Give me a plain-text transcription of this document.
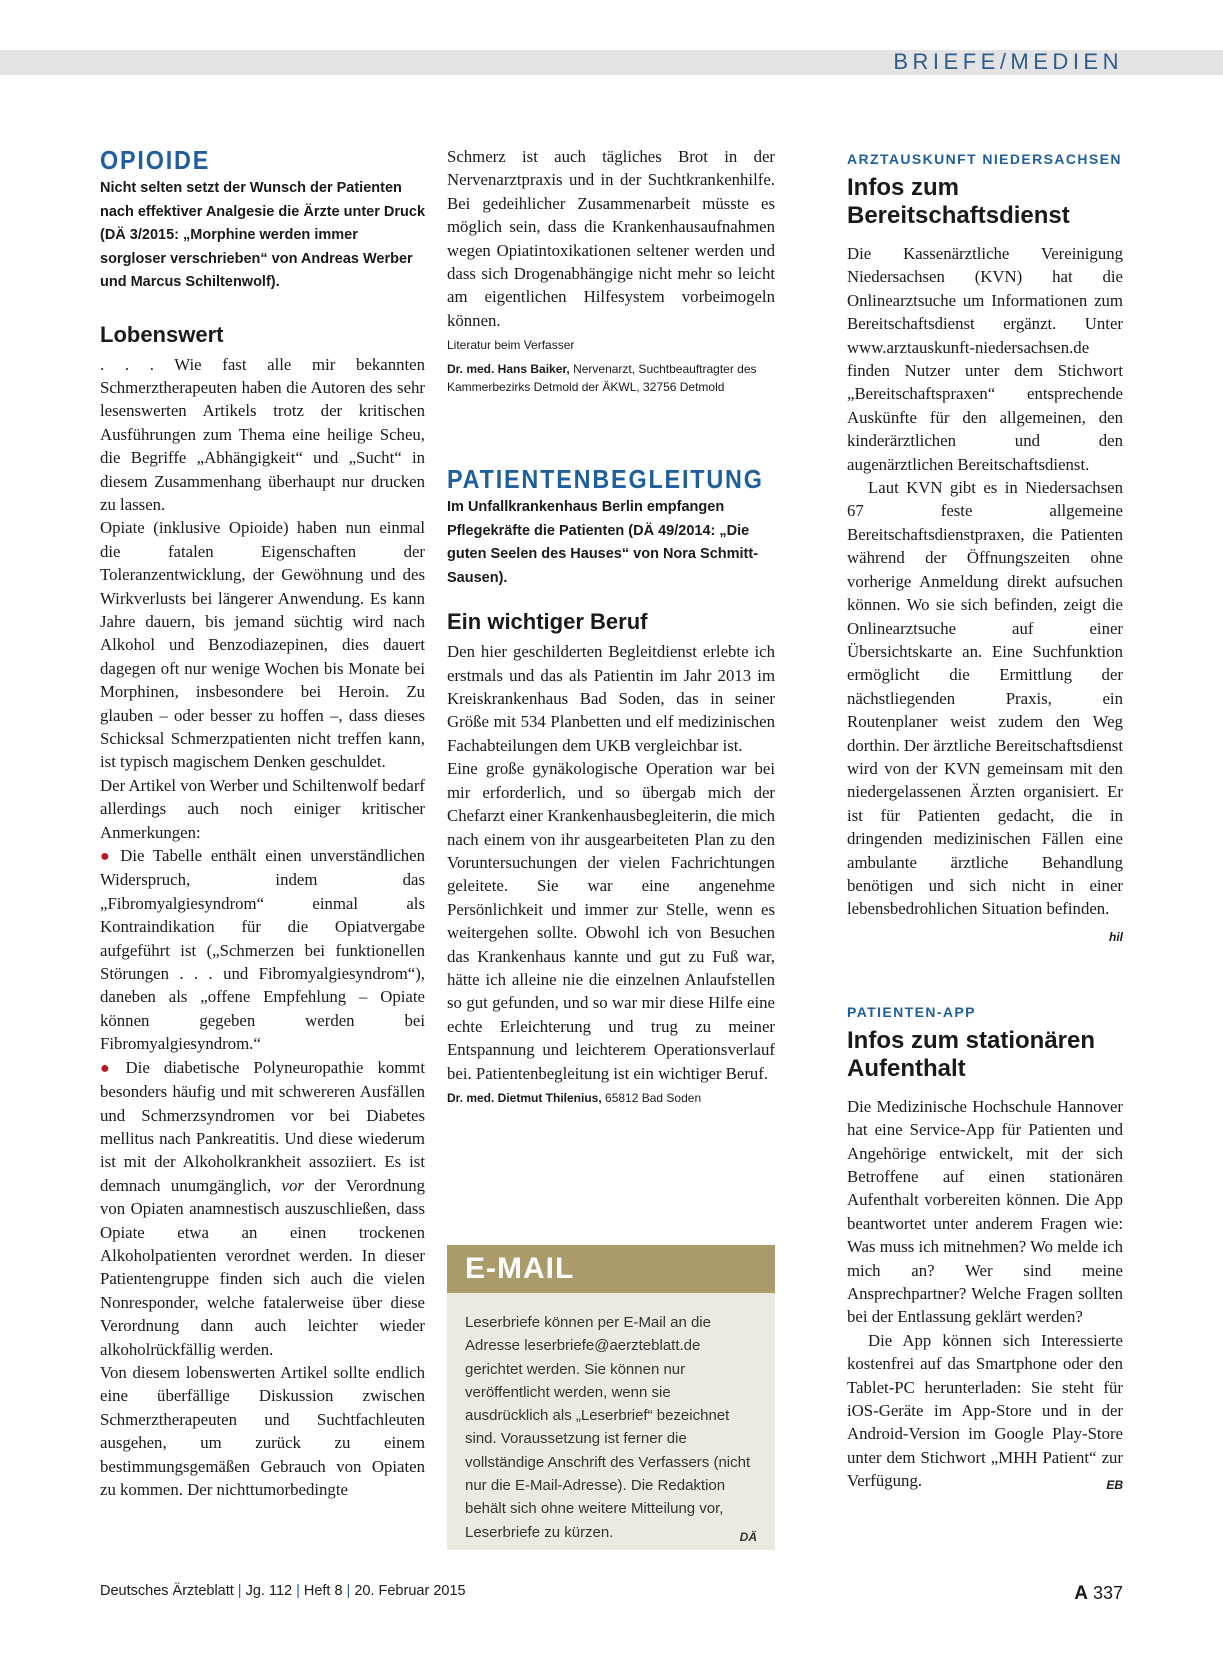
BRIEFE/MEDIEN
OPIOIDE
Nicht selten setzt der Wunsch der Patienten nach effektiver Analgesie die Ärzte unter Druck (DÄ 3/2015: „Morphine werden immer sorgloser verschrieben“ von Andreas Werber und Marcus Schiltenwolf).
Lobenswert

. . . Wie fast alle mir bekannten Schmerztherapeuten haben die Autoren des sehr lesenswerten Artikels trotz der kritischen Ausführungen zum Thema eine heilige Scheu, die Begriffe „Abhängigkeit“ und „Sucht“ in diesem Zusammenhang überhaupt nur drucken zu lassen.

Opiate (inklusive Opioide) haben nun einmal die fatalen Eigenschaften der Toleranzentwicklung, der Gewöhnung und des Wirkverlusts bei längerer Anwendung. Es kann Jahre dauern, bis jemand süchtig wird nach Alkohol und Benzodiazepinen, dies dauert dagegen oft nur wenige Wochen bis Monate bei Morphinen, insbesondere bei Heroin. Zu glauben – oder besser zu hoffen –, dass dieses Schicksal Schmerzpatienten nicht treffen kann, ist typisch magischem Denken geschuldet.

Der Artikel von Werber und Schiltenwolf bedarf allerdings auch noch einiger kritischer Anmerkungen:

● Die Tabelle enthält einen unverständlichen Widerspruch, indem das „Fibromyalgiesyndrom“ einmal als Kontraindikation für die Opiatvergabe aufgeführt ist („Schmerzen bei funktionellen Störungen . . . und Fibromyalgiesyndrom“), daneben als „offene Empfehlung – Opiate können gegeben werden bei Fibromyalgiesyndrom.“

● Die diabetische Polyneuropathie kommt besonders häufig und mit schwereren Ausfällen und Schmerzsyndromen vor bei Diabetes mellitus nach Pankreatitis. Und diese wiederum ist mit der Alkoholkrankheit assoziiert. Es ist demnach unumgänglich, vor der Verordnung von Opiaten anamnestisch auszuschließen, dass Opiate etwa an einen trockenen Alkoholpatienten verordnet werden. In dieser Patientengruppe finden sich auch die vielen Nonresponder, welche fatalerweise über diese Verordnung dann auch leichter wieder alkoholrückfällig werden.

Von diesem lobenswerten Artikel sollte endlich eine überfällige Diskussion zwischen Schmerztherapeuten und Suchtfachleuten ausgehen, um zurück zu einem bestimmungsgemäßen Gebrauch von Opiaten zu kommen. Der nichttumorbedingte

Schmerz ist auch tägliches Brot in der Nervenarztpraxis und in der Suchtkrankenhilfe. Bei gedeihlicher Zusammenarbeit müsste es möglich sein, dass die Krankenhausaufnahmen wegen Opiatintoxikationen seltener werden und dass sich Drogenabhängige nicht mehr so leicht am eigentlichen Hilfesystem vorbeimogeln können.

Literatur beim Verfasser
Dr. med. Hans Baiker, Nervenarzt, Suchtbeauftragter des Kammerbezirks Detmold der ÄKWL, 32756 Detmold
PATIENTENBEGLEITUNG
Im Unfallkrankenhaus Berlin empfangen Pflegekräfte die Patienten (DÄ 49/2014: „Die guten Seelen des Hauses“ von Nora Schmitt-Sausen).
Ein wichtiger Beruf

Den hier geschilderten Begleitdienst erlebte ich erstmals und das als Patientin im Jahr 2013 im Kreiskrankenhaus Bad Soden, das in seiner Größe mit 534 Planbetten und elf medizinischen Fachabteilungen dem UKB vergleichbar ist.

Eine große gynäkologische Operation war bei mir erforderlich, und so übergab mich der Chefarzt einer Krankenhausbegleiterin, die mich nach einem von ihr ausgearbeiteten Plan zu den Voruntersuchungen der vielen Fachrichtungen geleitete. Sie war eine angenehme Persönlichkeit und immer zur Stelle, wenn es weitergehen sollte. Obwohl ich von Besuchen das Krankenhaus kannte und gut zu Fuß war, hätte ich alleine nie die einzelnen Anlaufstellen so gut gefunden, und so war mir diese Hilfe eine echte Erleichterung und trug zu meiner Entspannung und leichterem Operationsverlauf bei. Patientenbegleitung ist ein wichtiger Beruf.

Dr. med. Dietmut Thilenius, 65812 Bad Soden
E-MAIL
Leserbriefe können per E-Mail an die Adresse leserbriefe@aerzteblatt.de gerichtet werden. Sie können nur veröffentlicht werden, wenn sie ausdrücklich als „Leserbrief“ bezeichnet sind. Voraussetzung ist ferner die vollständige Anschrift des Verfassers (nicht nur die E-Mail-Adresse). Die Redaktion behält sich ohne weitere Mitteilung vor, Leserbriefe zu kürzen.	DÄ
ARZTAUSKUNFT NIEDERSACHSEN
Infos zum Bereitschaftsdienst

Die Kassenärztliche Vereinigung Niedersachsen (KVN) hat die Onlinearztsuche um Informationen zum Bereitschaftsdienst ergänzt. Unter www.arztauskunft-niedersachsen.de finden Nutzer unter dem Stichwort „Bereitschaftspraxen“ entsprechende Auskünfte für den allgemeinen, den kinderärztlichen und den augenärztlichen Bereitschaftsdienst.

Laut KVN gibt es in Niedersachsen 67 feste allgemeine Bereitschaftsdienstpraxen, die Patienten während der Öffnungszeiten ohne vorherige Anmeldung direkt aufsuchen können. Wo sie sich befinden, zeigt die Onlinearztsuche auf einer Übersichtskarte an. Eine Suchfunktion ermöglicht die Ermittlung der nächstliegenden Praxis, ein Routenplaner weist zudem den Weg dorthin. Der ärztliche Bereitschaftsdienst wird von der KVN gemeinsam mit den niedergelassenen Ärzten organisiert. Er ist für Patienten gedacht, die in dringenden medizinischen Fällen eine ambulante ärztliche Behandlung benötigen und sich nicht in einer lebensbedrohlichen Situation befinden.
hil

PATIENTEN-APP
Infos zum stationären Aufenthalt

Die Medizinische Hochschule Hannover hat eine Service-App für Patienten und Angehörige entwickelt, mit der sich Betroffene auf einen stationären Aufenthalt vorbereiten können. Die App beantwortet unter anderem Fragen wie: Was muss ich mitnehmen? Wo melde ich mich an? Wer sind meine Ansprechpartner? Welche Fragen sollten bei der Entlassung geklärt werden?

Die App können sich Interessierte kostenfrei auf das Smartphone oder den Tablet-PC herunterladen: Sie steht für iOS-Geräte im App-Store und in der Android-Version im Google Play-Store unter dem Stichwort „MHH Patient“ zur Verfügung.	EB

Deutsches Ärzteblatt | Jg. 112 | Heft 8 | 20. Februar 2015	A 337
